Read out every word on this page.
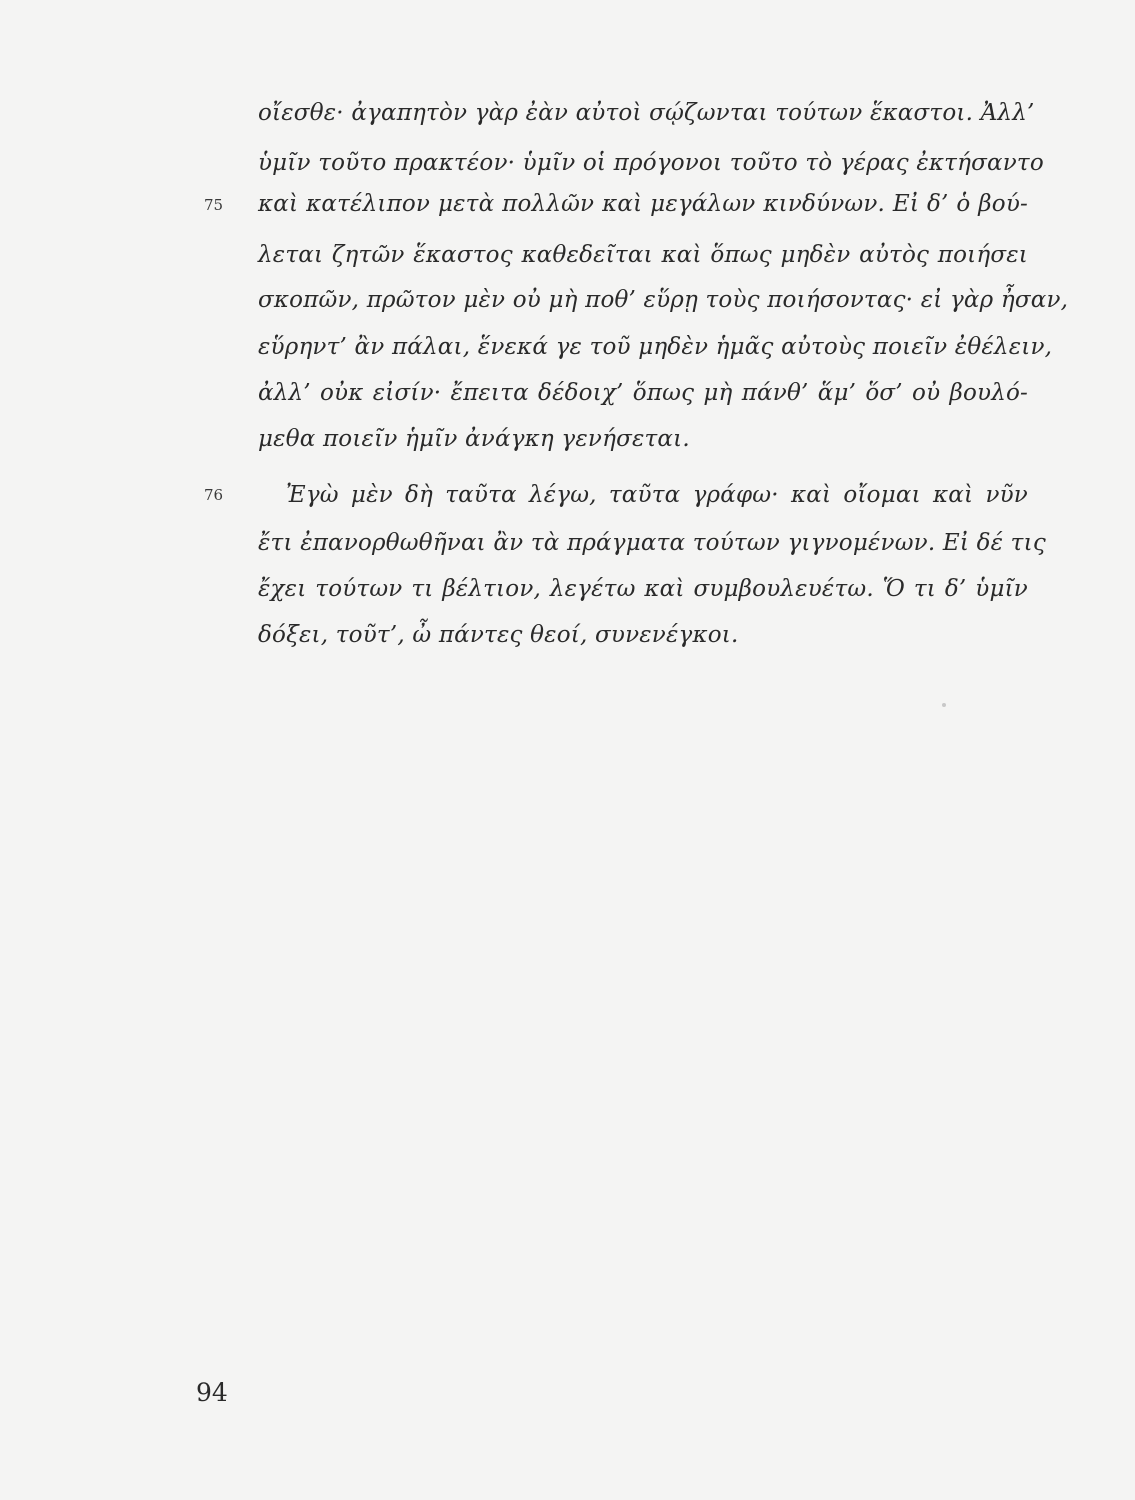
οἴεσθε· ἀγαπητὸν γὰρ ἐὰν αὐτοὶ σῴζωνται τούτων ἕκαστοι. Ἀλλ’
ὑμῖν τοῦτο πρακτέον· ὑμῖν οἱ πρόγονοι τοῦτο τὸ γέρας ἐκτήσαντο
75 καὶ κατέλιπον μετὰ πολλῶν καὶ μεγάλων κινδύνων. Εἰ δ’ ὁ βού-
λεται ζητῶν ἕκαστος καθεδεῖται καὶ ὅπως μηδὲν αὐτὸς ποιήσει
σκοπῶν, πρῶτον μὲν οὐ μὴ ποθ’ εὕρῃ τοὺς ποιήσοντας· εἰ γὰρ ἦσαν,
εὕρηντ’ ἂν πάλαι, ἕνεκά γε τοῦ μηδὲν ἡμᾶς αὐτοὺς ποιεῖν ἐθέλειν,
ἀλλ’ οὐκ εἰσίν· ἔπειτα δέδοιχ’ ὅπως μὴ πάνθ’ ἅμ’ ὅσ’ οὐ βουλό-
μεθα ποιεῖν ἡμῖν ἀνάγκη γενήσεται.
76	Ἐγὼ μὲν δὴ ταῦτα λέγω, ταῦτα γράφω· καὶ οἴομαι καὶ νῦν
ἔτι ἐπανορθωθῆναι ἂν τὰ πράγματα τούτων γιγνομένων. Εἰ δέ τις
ἔχει τούτων τι βέλτιον, λεγέτω καὶ συμβουλευέτω. Ὅ τι δ’ ὑμῖν
δόξει, τοῦτ’, ὦ πάντες θεοί, συνενέγκοι.
94
